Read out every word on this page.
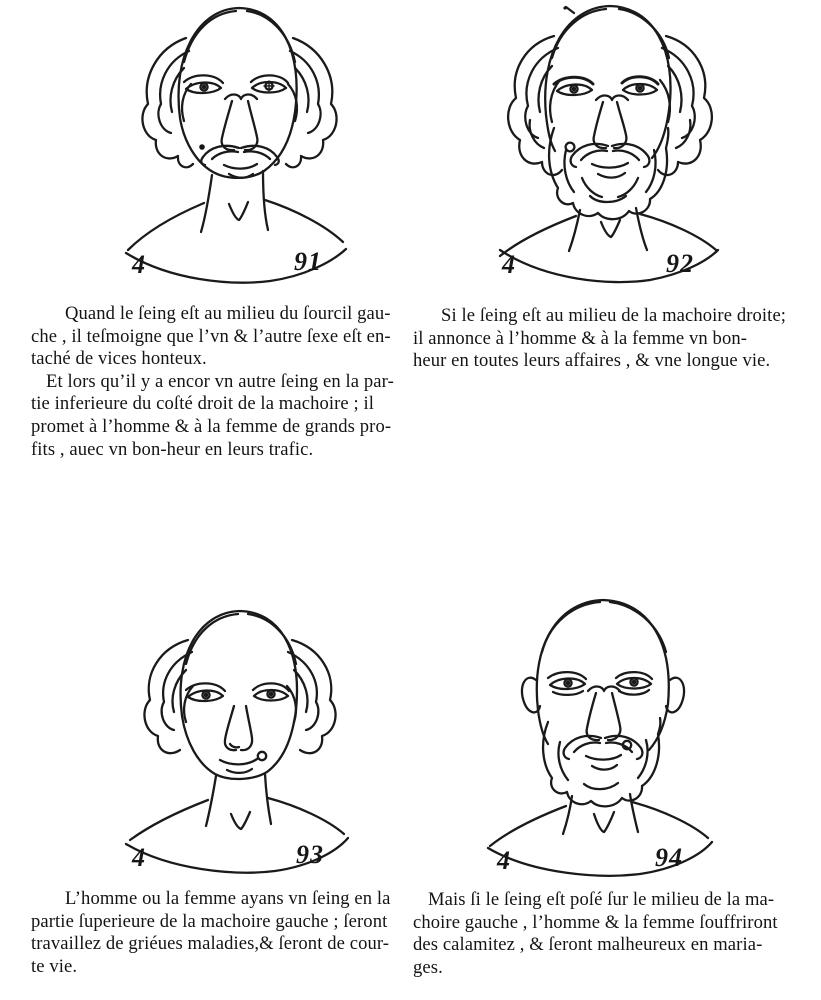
4	91	4	92
Quand le ſeing eſt au milieu du ſourcil gau-
che , il teſmoigne que l’vn & l’autre ſexe eſt en-
taché de vices honteux.
Et lors qu’il y a encor vn autre ſeing en la par-
tie inferieure du coſté droit de la machoire ; il
promet à l’homme & à la femme de grands pro-
fits , auec vn bon-heur en leurs trafic.
Si le ſeing eſt au milieu de la machoire droite;
il annonce à l’homme & à la femme vn bon-
heur en toutes leurs affaires , & vne longue vie.
4	93	4	94
L’homme ou la femme ayans vn ſeing en la
partie ſuperieure de la machoire gauche ; ſeront
travaillez de griéues maladies,& ſeront de cour-
te vie.
Mais ſi le ſeing eſt poſé ſur le milieu de la ma-
choire gauche , l’homme & la femme ſouffriront
des calamitez , & ſeront malheureux en maria-
ges.
